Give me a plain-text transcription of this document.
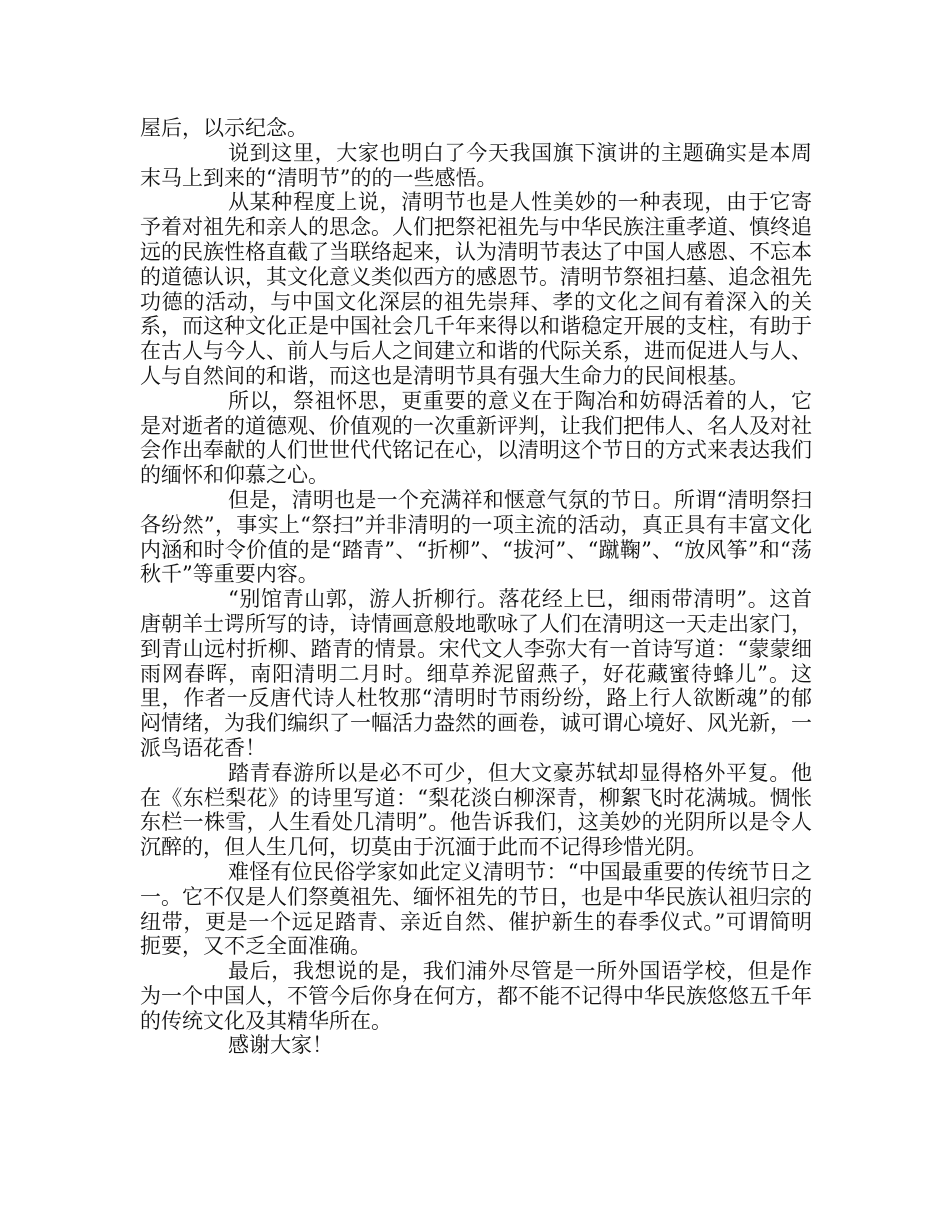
屋后，以示纪念。

说到这里，大家也明白了今天我国旗下演讲的主题确实是本周末马上到来的“清明节”的的一些感悟。

从某种程度上说，清明节也是人性美妙的一种表现，由于它寄予着对祖先和亲人的思念。人们把祭祀祖先与中华民族注重孝道、慎终追远的民族性格直截了当联络起来，认为清明节表达了中国人感恩、不忘本的道德认识，其文化意义类似西方的感恩节。清明节祭祖扫墓、追念祖先功德的活动，与中国文化深层的祖先崇拜、孝的文化之间有着深入的关系，而这种文化正是中国社会几千年来得以和谐稳定开展的支柱，有助于在古人与今人、前人与后人之间建立和谐的代际关系，进而促进人与人、人与自然间的和谐，而这也是清明节具有强大生命力的民间根基。

所以，祭祖怀思，更重要的意义在于陶冶和妨碍活着的人，它是对逝者的道德观、价值观的一次重新评判，让我们把伟人、名人及对社会作出奉献的人们世世代代铭记在心，以清明这个节日的方式来表达我们的缅怀和仰慕之心。

但是，清明也是一个充满祥和惬意气氛的节日。所谓“清明祭扫各纷然”，事实上“祭扫”并非清明的一项主流的活动，真正具有丰富文化内涵和时令价值的是“踏青”、“折柳”、“拔河”、“蹴鞠”、“放风筝”和“荡秋千”等重要内容。

“别馆青山郭，游人折柳行。落花经上巳，细雨带清明”。这首唐朝羊士谔所写的诗，诗情画意般地歌咏了人们在清明这一天走出家门，到青山远村折柳、踏青的情景。宋代文人李弥大有一首诗写道：“蒙蒙细雨网春晖，南阳清明二月时。细草养泥留燕子，好花藏蜜待蜂儿”。这里，作者一反唐代诗人杜牧那“清明时节雨纷纷，路上行人欲断魂”的郁闷情绪，为我们编织了一幅活力盎然的画卷，诚可谓心境好、风光新，一派鸟语花香！

踏青春游所以是必不可少，但大文豪苏轼却显得格外平复。他在《东栏梨花》的诗里写道：“梨花淡白柳深青，柳絮飞时花满城。惆怅东栏一株雪，人生看处几清明”。他告诉我们，这美妙的光阴所以是令人沉醉的，但人生几何，切莫由于沉湎于此而不记得珍惜光阴。

难怪有位民俗学家如此定义清明节：“中国最重要的传统节日之一。它不仅是人们祭奠祖先、缅怀祖先的节日，也是中华民族认祖归宗的纽带，更是一个远足踏青、亲近自然、催护新生的春季仪式。”可谓简明扼要，又不乏全面准确。

最后，我想说的是，我们浦外尽管是一所外国语学校，但是作为一个中国人，不管今后你身在何方，都不能不记得中华民族悠悠五千年的传统文化及其精华所在。

感谢大家！
